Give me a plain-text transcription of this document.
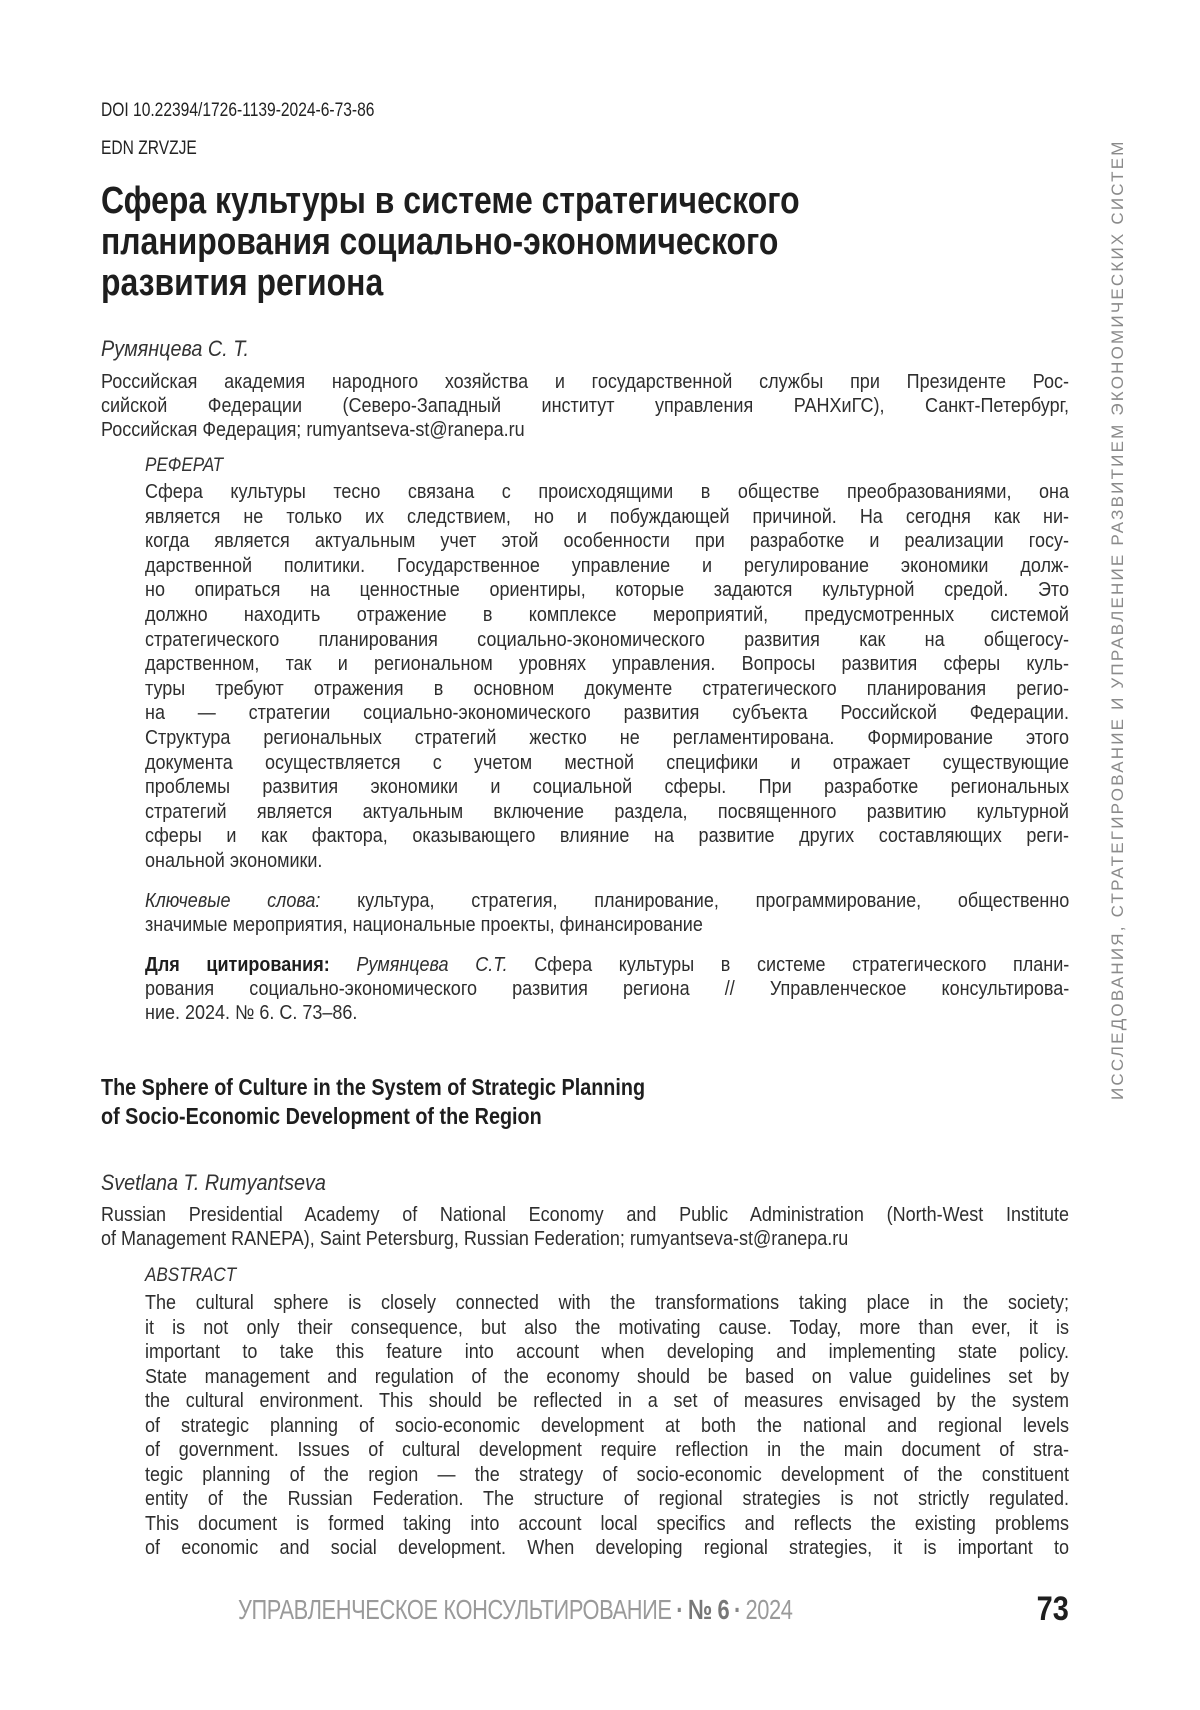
DOI 10.22394/1726-1139-2024-6-73-86
EDN ZRVZJE
Сфера культуры в системе стратегического
планирования социально-экономического
развития региона
Румянцева С. Т.
Российская академия народного хозяйства и государственной службы при Президенте Рос-
сийской Федерации (Северо-Западный институт управления РАНХиГС), Санкт-Петербург,
Российская Федерация; rumyantseva-st@ranepa.ru
РЕФЕРАТ
Сфера культуры тесно связана с происходящими в обществе преобразованиями, она
является не только их следствием, но и побуждающей причиной. На сегодня как ни-
когда является актуальным учет этой особенности при разработке и реализации госу-
дарственной политики. Государственное управление и регулирование экономики долж-
но опираться на ценностные ориентиры, которые задаются культурной средой. Это
должно находить отражение в комплексе мероприятий, предусмотренных системой
стратегического планирования социально-экономического развития как на общегосу-
дарственном, так и региональном уровнях управления. Вопросы развития сферы куль-
туры требуют отражения в основном документе стратегического планирования регио-
на — стратегии социально-экономического развития субъекта Российской Федерации.
Структура региональных стратегий жестко не регламентирована. Формирование этого
документа осуществляется с учетом местной специфики и отражает существующие
проблемы развития экономики и социальной сферы. При разработке региональных
стратегий является актуальным включение раздела, посвященного развитию культурной
сферы и как фактора, оказывающего влияние на развитие других составляющих реги-
ональной экономики.
Ключевые слова: культура, стратегия, планирование, программирование, общественно
значимые мероприятия, национальные проекты, финансирование
Для цитирования: Румянцева С.Т. Сфера культуры в системе стратегического плани-
рования социально-экономического развития региона // Управленческое консультирова-
ние. 2024. № 6. С. 73–86.
The Sphere of Culture in the System of Strategic Planning
of Socio-Economic Development of the Region
Svetlana T. Rumyantseva
Russian Presidential Academy of National Economy and Public Administration (North-West Institute
of Management RANEPA), Saint Petersburg, Russian Federation; rumyantseva-st@ranepa.ru
ABSTRACT
The cultural sphere is closely connected with the transformations taking place in the society;
it is not only their consequence, but also the motivating cause. Today, more than ever, it is
important to take this feature into account when developing and implementing state policy.
State management and regulation of the economy should be based on value guidelines set by
the cultural environment. This should be reflected in a set of measures envisaged by the system
of strategic planning of socio-economic development at both the national and regional levels
of government. Issues of cultural development require reflection in the main document of stra-
tegic planning of the region — the strategy of socio-economic development of the constituent
entity of the Russian Federation. The structure of regional strategies is not strictly regulated.
This document is formed taking into account local specifics and reflects the existing problems
of economic and social development. When developing regional strategies, it is important to
ИССЛЕДОВАНИЯ, СТРАТЕГИРОВАНИЕ И УПРАВЛЕНИЕ РАЗВИТИЕМ ЭКОНОМИЧЕСКИХ СИСТЕМ
УПРАВЛЕНЧЕСКОЕ КОНСУЛЬТИРОВАНИЕ · № 6 · 2024	73
